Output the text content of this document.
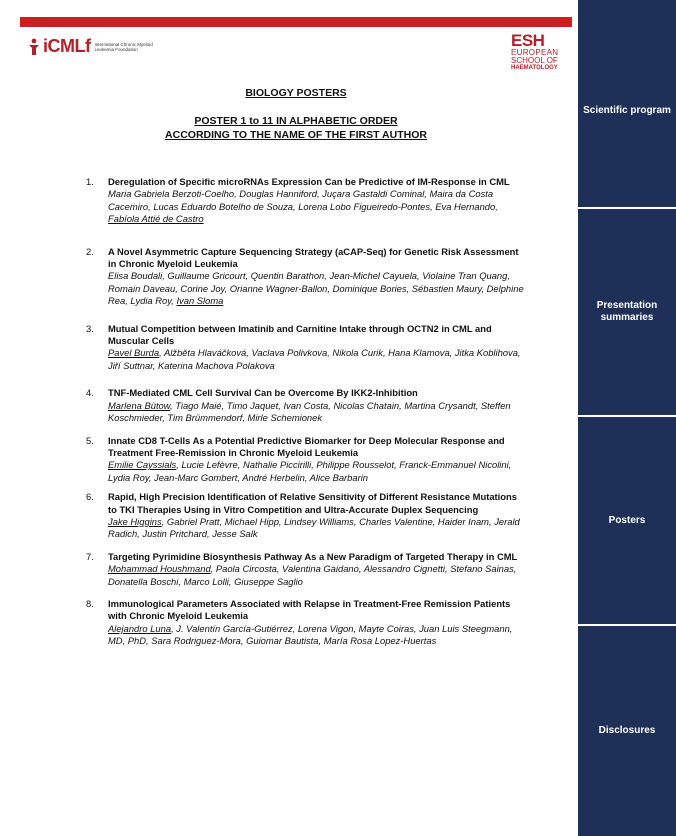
iCMLf International Chronic Myeloid Leukemia Foundation	ESH
EUROPEAN
SCHOOL OF
HAEMATOLOGY
BIOLOGY POSTERS
POSTER 1 to 11 IN ALPHABETIC ORDER
ACCORDING TO THE NAME OF THE FIRST AUTHOR
1.	Deregulation of Specific microRNAs Expression Can be Predictive of IM-Response in CML
Maria Gabriela Berzoti-Coelho, Douglas Hanniford, Juçara Gastaldi Cominal, Maira da Costa Cacemiro, Lucas Eduardo Botelho de Souza, Lorena Lobo Figueiredo-Pontes, Eva Hernando, Fabíola Attié de Castro
2.	A Novel Asymmetric Capture Sequencing Strategy (aCAP-Seq) for Genetic Risk Assessment in Chronic Myeloid Leukemia
Elisa Boudali, Guillaume Gricourt, Quentin Barathon, Jean-Michel Cayuela, Violaine Tran Quang, Romain Daveau, Corine Joy, Orianne Wagner-Ballon, Dominique Bories, Sébastien Maury, Delphine Rea, Lydia Roy, Ivan Sloma
3.	Mutual Competition between Imatinib and Carnitine Intake through OCTN2 in CML and Muscular Cells
Pavel Burda, Alžběta Hlaváčková, Vaclava Polivkova, Nikola Curik, Hana Klamova, Jitka Koblihova, Jiří Suttnar, Katerina Machova Polakova
4.	TNF-Mediated CML Cell Survival Can be Overcome By IKK2-Inhibition
Marlena Bütow, Tiago Maié, Timo Jaquet, Ivan Costa, Nicolas Chatain, Martina Crysandt, Steffen Koschmieder, Tim Brümmendorf, Mirle Schemionek
5.	Innate CD8 T-Cells As a Potential Predictive Biomarker for Deep Molecular Response and Treatment Free-Remission in Chronic Myeloid Leukemia
Emilie Cayssials, Lucie Lefèvre, Nathalie Piccirilli, Philippe Rousselot, Franck-Emmanuel Nicolini, Lydia Roy, Jean-Marc Gombert, André Herbelin, Alice Barbarin
6.	Rapid, High Precision Identification of Relative Sensitivity of Different Resistance Mutations to TKI Therapies Using in Vitro Competition and Ultra-Accurate Duplex Sequencing
Jake Higgins, Gabriel Pratt, Michael Hipp, Lindsey Williams, Charles Valentine, Haider Inam, Jerald Radich, Justin Pritchard, Jesse Salk
7.	Targeting Pyrimidine Biosynthesis Pathway As a New Paradigm of Targeted Therapy in CML
Mohammad Houshmand, Paola Circosta, Valentina Gaidano, Alessandro Cignetti, Stefano Sainas, Donatella Boschi, Marco Lolli, Giuseppe Saglio
8.	Immunological Parameters Associated with Relapse in Treatment-Free Remission Patients with Chronic Myeloid Leukemia
Alejandro Luna, J. Valentín García-Gutiérrez, Lorena Vigon, Mayte Coiras, Juan Luis Steegmann, MD, PhD, Sara Rodriguez-Mora, Guiomar Bautista, María Rosa Lopez-Huertas
Scientific program
Presentation summaries
Posters
Disclosures
